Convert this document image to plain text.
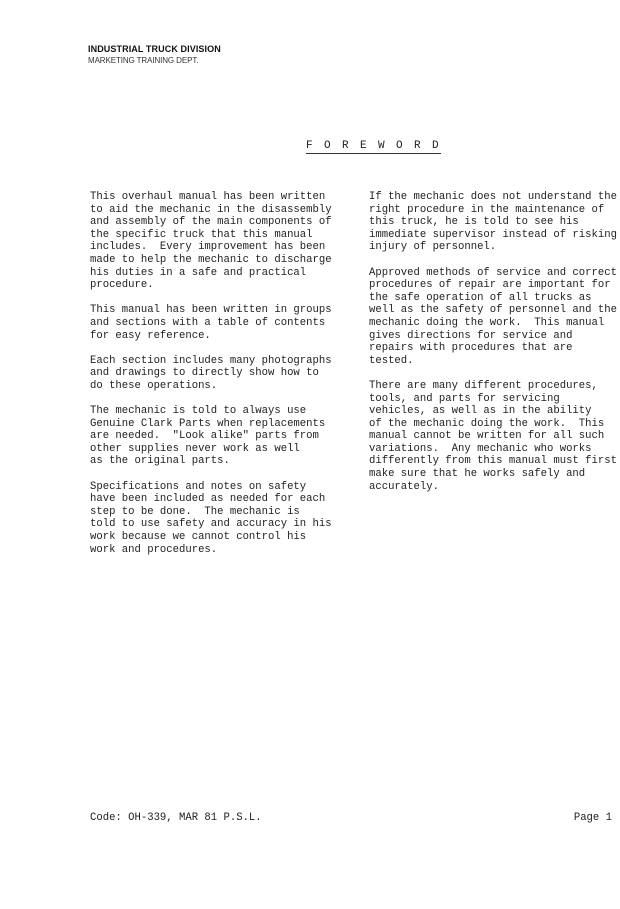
INDUSTRIAL TRUCK DIVISION
MARKETING TRAINING DEPT.
F O R E W O R D
This overhaul manual has been written
to aid the mechanic in the disassembly
and assembly of the main components of
the specific truck that this manual
includes.  Every improvement has been
made to help the mechanic to discharge
his duties in a safe and practical
procedure.
This manual has been written in groups
and sections with a table of contents
for easy reference.
Each section includes many photographs
and drawings to directly show how to
do these operations.
The mechanic is told to always use
Genuine Clark Parts when replacements
are needed.  "Look alike" parts from
other supplies never work as well
as the original parts.
Specifications and notes on safety
have been included as needed for each
step to be done.  The mechanic is
told to use safety and accuracy in his
work because we cannot control his
work and procedures.
If the mechanic does not understand the
right procedure in the maintenance of
this truck, he is told to see his
immediate supervisor instead of risking
injury of personnel.
Approved methods of service and correct
procedures of repair are important for
the safe operation of all trucks as
well as the safety of personnel and the
mechanic doing the work.  This manual
gives directions for service and
repairs with procedures that are
tested.
There are many different procedures,
tools, and parts for servicing
vehicles, as well as in the ability
of the mechanic doing the work.  This
manual cannot be written for all such
variations.  Any mechanic who works
differently from this manual must first
make sure that he works safely and
accurately.
Code: OH-339, MAR 81 P.S.L.	Page 1
